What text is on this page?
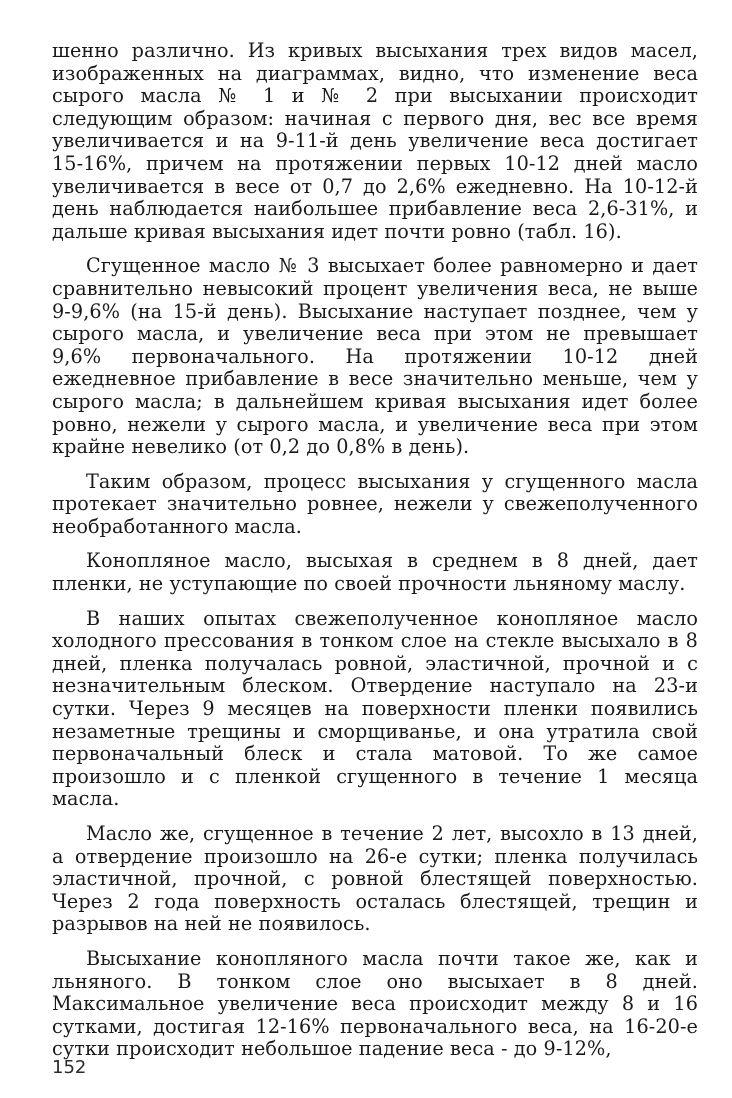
шенно различно. Из кривых высыхания трех видов масел, изображенных на диаграммах, видно, что изменение веса сырого масла № 1 и № 2 при высыхании происходит следующим образом: начиная с первого дня, вес все время увеличивается и на 9-11-й день увеличение веса достигает 15-16%, причем на протяжении первых 10-12 дней масло увеличивается в весе от 0,7 до 2,6% ежедневно. На 10-12-й день наблюдается наибольшее прибавление веса 2,6-31%, и дальше кривая высыхания идет почти ровно (табл. 16).

Сгущенное масло № 3 высыхает более равномерно и дает сравнительно невысокий процент увеличения веса, не выше 9-9,6% (на 15-й день). Высыхание наступает позднее, чем у сырого масла, и увеличение веса при этом не превышает 9,6% первоначального. На протяжении 10-12 дней ежедневное прибавление в весе значительно меньше, чем у сырого масла; в дальнейшем кривая высыхания идет более ровно, нежели у сырого масла, и увеличение веса при этом крайне невелико (от 0,2 до 0,8% в день).

Таким образом, процесс высыхания у сгущенного масла протекает значительно ровнее, нежели у свежеполученного необработанного масла.

Конопляное масло, высыхая в среднем в 8 дней, дает пленки, не уступающие по своей прочности льняному маслу.

В наших опытах свежеполученное конопляное масло холодного прессования в тонком слое на стекле высыхало в 8 дней, пленка получалась ровной, эластичной, прочной и с незначительным блеском. Отвердение наступало на 23-и сутки. Через 9 месяцев на поверхности пленки появились незаметные трещины и сморщиванье, и она утратила свой первоначальный блеск и стала матовой. То же самое произошло и с пленкой сгущенного в течение 1 месяца масла.

Масло же, сгущенное в течение 2 лет, высохло в 13 дней, а отвердение произошло на 26-е сутки; пленка получилась эластичной, прочной, с ровной блестящей поверхностью. Через 2 года поверхность осталась блестящей, трещин и разрывов на ней не появилось.

Высыхание конопляного масла почти такое же, как и льняного. В тонком слое оно высыхает в 8 дней. Максимальное увеличение веса происходит между 8 и 16 сутками, достигая 12-16% первоначального веса, на 16-20-е сутки происходит небольшое падение веса - до 9-12%,

152
